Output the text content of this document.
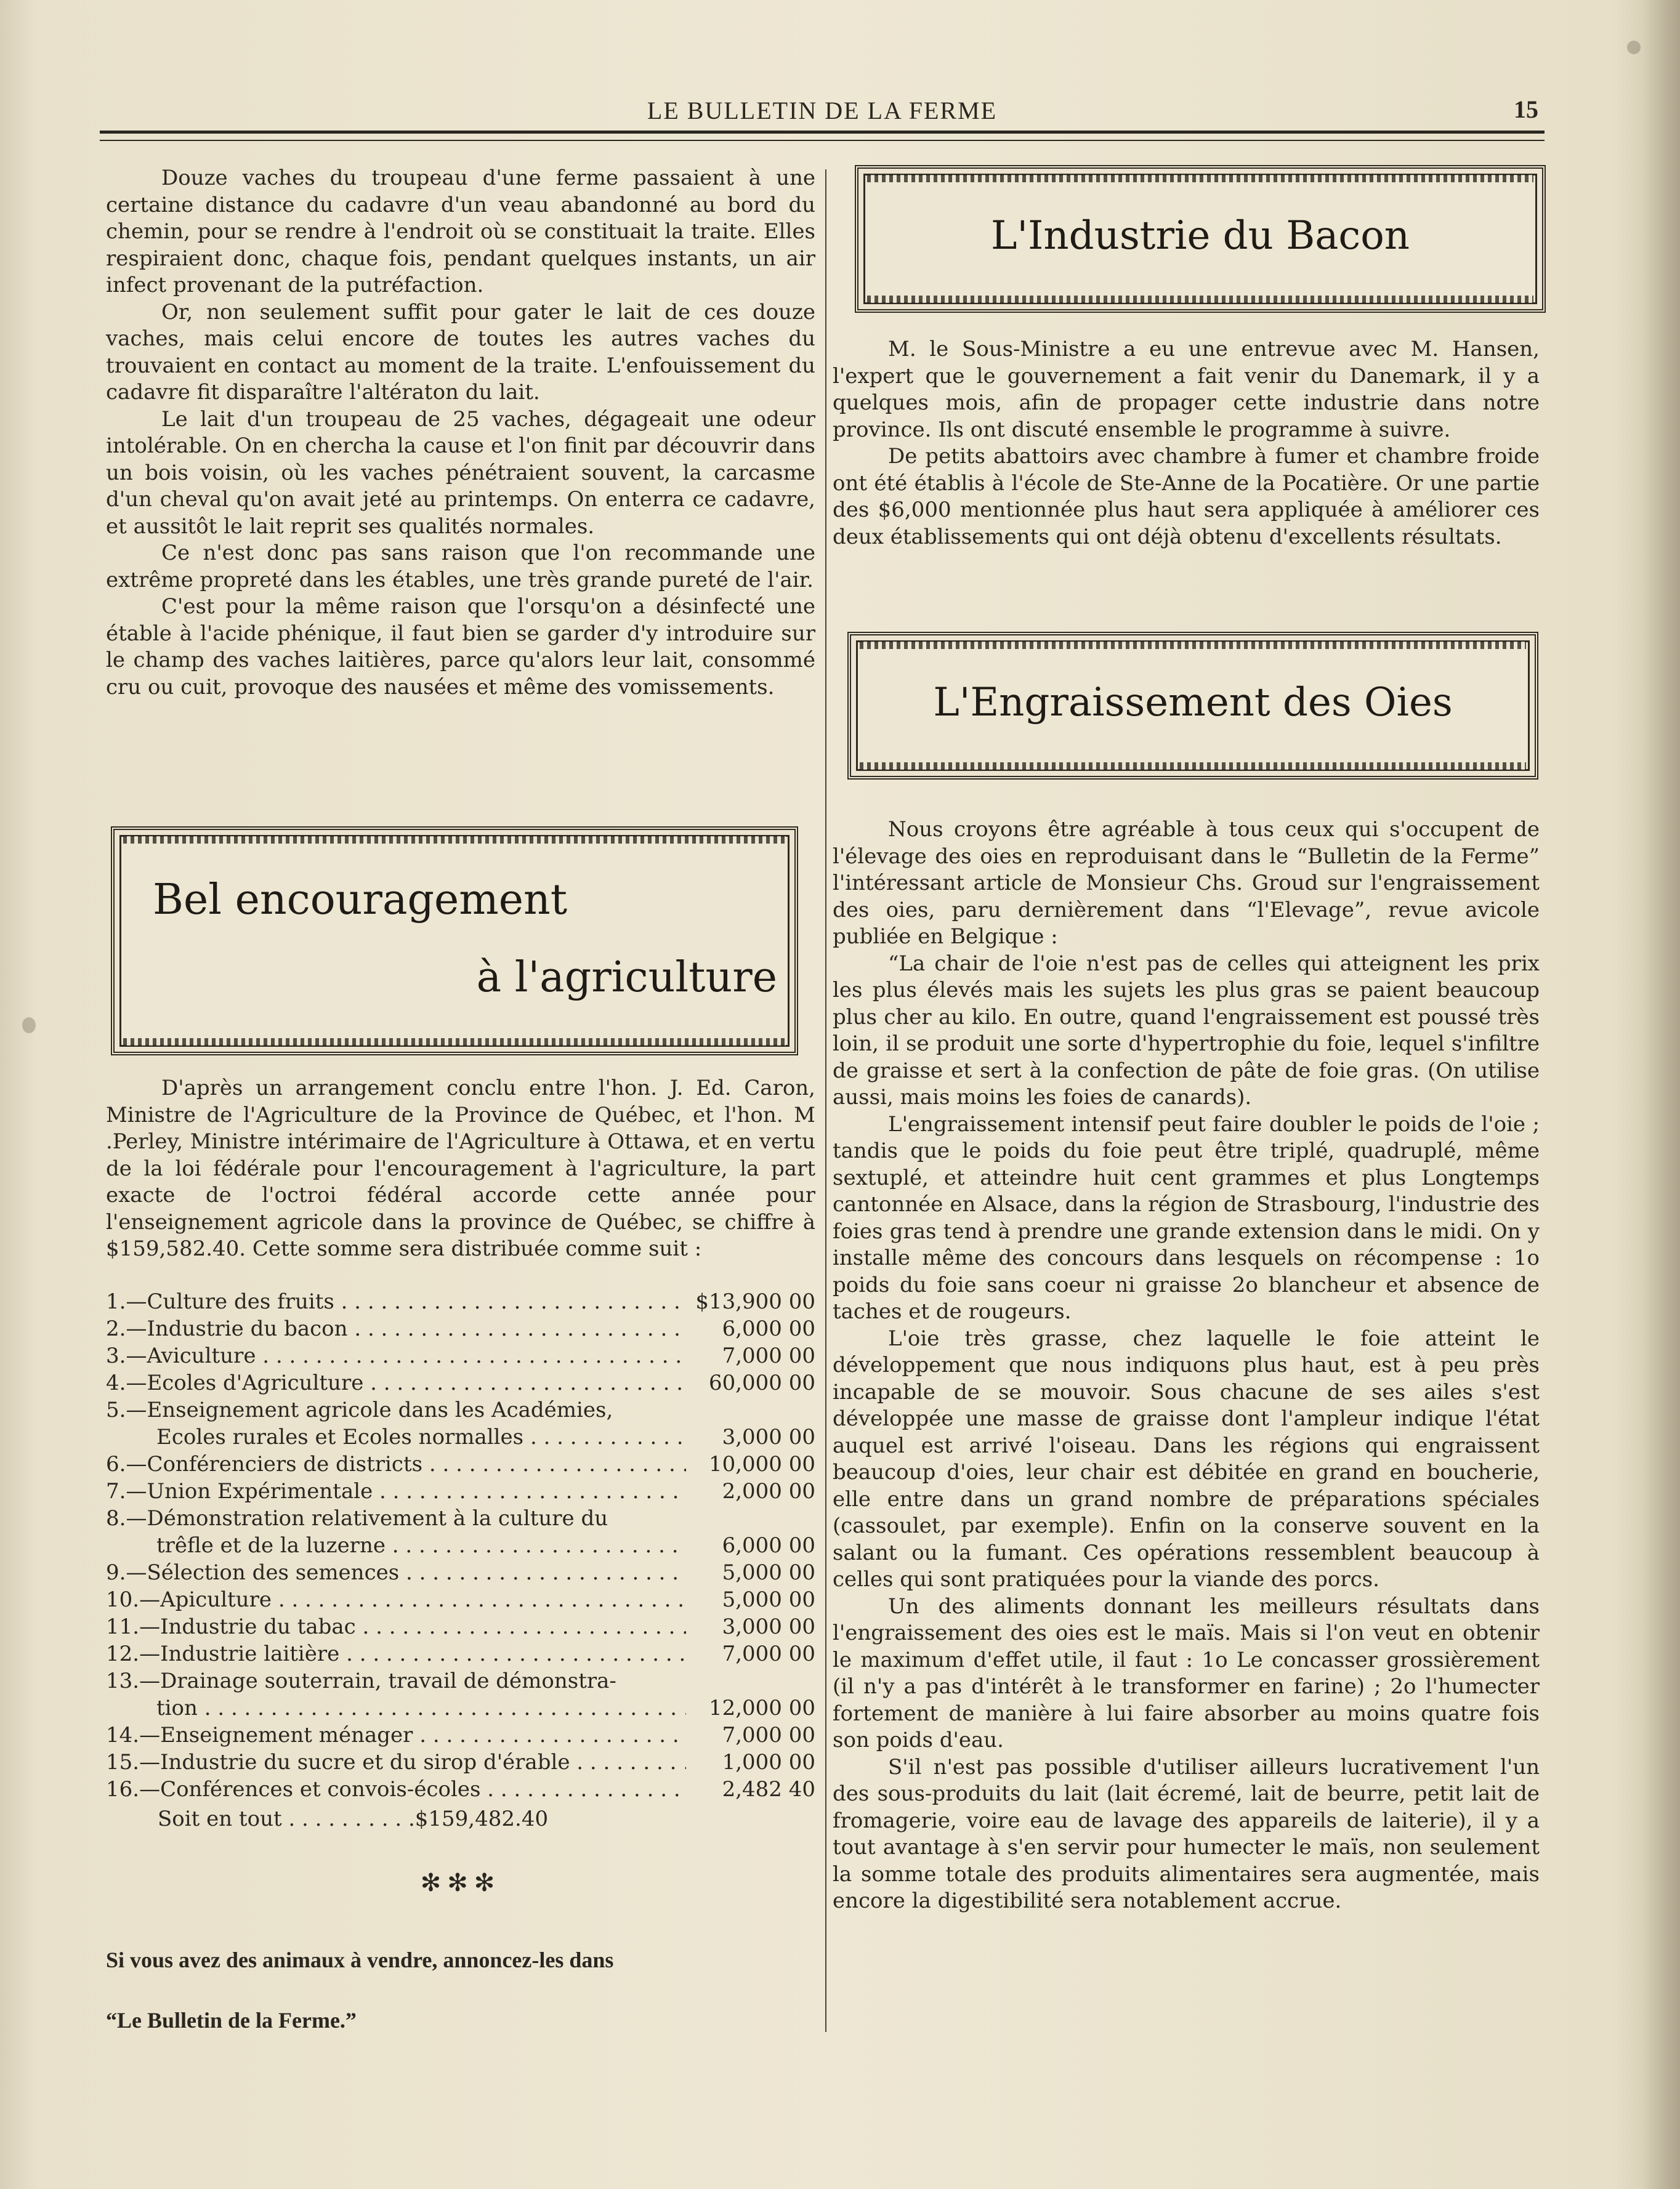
LE BULLETIN DE LA FERME	15

Douze vaches du troupeau d'une ferme passaient à une certaine distance du cadavre d'un veau abandonné au bord du chemin, pour se rendre à l'endroit où se constituait la traite. Elles respiraient donc, chaque fois, pendant quelques instants, un air infect provenant de la putréfaction.

Or, non seulement suffit pour gater le lait de ces douze vaches, mais celui encore de toutes les autres vaches du trouvaient en contact au moment de la traite. L'enfouissement du cadavre fit disparaître l'altératon du lait.

Le lait d'un troupeau de 25 vaches, dégageait une odeur intolérable. On en chercha la cause et l'on finit par découvrir dans un bois voisin, où les vaches pénétraient souvent, la carcasme d'un cheval qu'on avait jeté au printemps. On enterra ce cadavre, et aussitôt le lait reprit ses qualités normales.

Ce n'est donc pas sans raison que l'on recommande une extrême propreté dans les étables, une très grande pureté de l'air.

C'est pour la même raison que l'orsqu'on a désinfecté une étable à l'acide phénique, il faut bien se garder d'y introduire sur le champ des vaches laitières, parce qu'alors leur lait, consommé cru ou cuit, provoque des nausées et même des vomissements.

Bel encouragement
à l'agriculture

D'après un arrangement conclu entre l'hon. J. Ed. Caron, Ministre de l'Agriculture de la Province de Québec, et l'hon. M .Perley, Ministre intérimaire de l'Agriculture à Ottawa, et en vertu de la loi fédérale pour l'encouragement à l'agriculture, la part exacte de l'octroi fédéral accorde cette année pour l'enseignement agricole dans la province de Québec, se chiffre à $159,582.40. Cette somme sera distribuée comme suit :

1.—Culture des fruits . . .	$13,900 00
2.—Industrie du bacon . . .	6,000 00
3.—Aviculture . . .	7,000 00
4.—Ecoles d'Agriculture . . .	60,000 00
5.—Enseignement agricole dans les Académies,
Ecoles rurales et Ecoles normalles . . .	3,000 00
6.—Conférenciers de districts . . .	10,000 00
7.—Union Expérimentale . . .	2,000 00
8.—Démonstration relativement à la culture du
trêfle et de la luzerne . . .	6,000 00
9.—Sélection des semences . . .	5,000 00
10.—Apiculture . . .	5,000 00
11.—Industrie du tabac . . .	3,000 00
12.—Industrie laitière . . .	7,000 00
13.—Drainage souterrain, travail de démonstra-
tion . . .	12,000 00
14.—Enseignement ménager . . .	7,000 00
15.—Industrie du sucre et du sirop d'érable . . .	1,000 00
16.—Conférences et convois-écoles . . .	2,482 40
Soit en tout . . . . . . . . . .$159,482.40
✻✻✻
Si vous avez des animaux à vendre, annoncez-les dans
“Le Bulletin de la Ferme.”
L'Industrie du Bacon

M. le Sous-Ministre a eu une entrevue avec M. Hansen, l'expert que le gouvernement a fait venir du Danemark, il y a quelques mois, afin de propager cette industrie dans notre province. Ils ont discuté ensemble le programme à suivre.

De petits abattoirs avec chambre à fumer et chambre froide ont été établis à l'école de Ste-Anne de la Pocatière. Or une partie des $6,000 mentionnée plus haut sera appliquée à améliorer ces deux établissements qui ont déjà obtenu d'excellents résultats.

L'Engraissement des Oies

Nous croyons être agréable à tous ceux qui s'occupent de l'élevage des oies en reproduisant dans le “Bulletin de la Ferme” l'intéressant article de Monsieur Chs. Groud sur l'engraissement des oies, paru dernièrement dans “l'Elevage”, revue avicole publiée en Belgique :

“La chair de l'oie n'est pas de celles qui atteignent les prix les plus élevés mais les sujets les plus gras se paient beaucoup plus cher au kilo. En outre, quand l'engraissement est poussé très loin, il se produit une sorte d'hypertrophie du foie, lequel s'infiltre de graisse et sert à la confection de pâte de foie gras. (On utilise aussi, mais moins les foies de canards).

L'engraissement intensif peut faire doubler le poids de l'oie ; tandis que le poids du foie peut être triplé, quadruplé, même sextuplé, et atteindre huit cent grammes et plus Longtemps cantonnée en Alsace, dans la région de Strasbourg, l'industrie des foies gras tend à prendre une grande extension dans le midi. On y installe même des concours dans lesquels on récompense : 1o poids du foie sans coeur ni graisse 2o blancheur et absence de taches et de rougeurs.

L'oie très grasse, chez laquelle le foie atteint le développement que nous indiquons plus haut, est à peu près incapable de se mouvoir. Sous chacune de ses ailes s'est développée une masse de graisse dont l'ampleur indique l'état auquel est arrivé l'oiseau. Dans les régions qui engraissent beaucoup d'oies, leur chair est débitée en grand en boucherie, elle entre dans un grand nombre de préparations spéciales (cassoulet, par exemple). Enfin on la conserve souvent en la salant ou la fumant. Ces opérations ressemblent beaucoup à celles qui sont pratiquées pour la viande des porcs.

Un des aliments donnant les meilleurs résultats dans l'engraissement des oies est le maïs. Mais si l'on veut en obtenir le maximum d'effet utile, il faut : 1o Le concasser grossièrement (il n'y a pas d'intérêt à le transformer en farine) ; 2o l'humecter fortement de manière à lui faire absorber au moins quatre fois son poids d'eau.

S'il n'est pas possible d'utiliser ailleurs lucrativement l'un des sous-produits du lait (lait écremé, lait de beurre, petit lait de fromagerie, voire eau de lavage des appareils de laiterie), il y a tout avantage à s'en servir pour humecter le maïs, non seulement la somme totale des produits alimentaires sera augmentée, mais encore la digestibilité sera notablement accrue.
